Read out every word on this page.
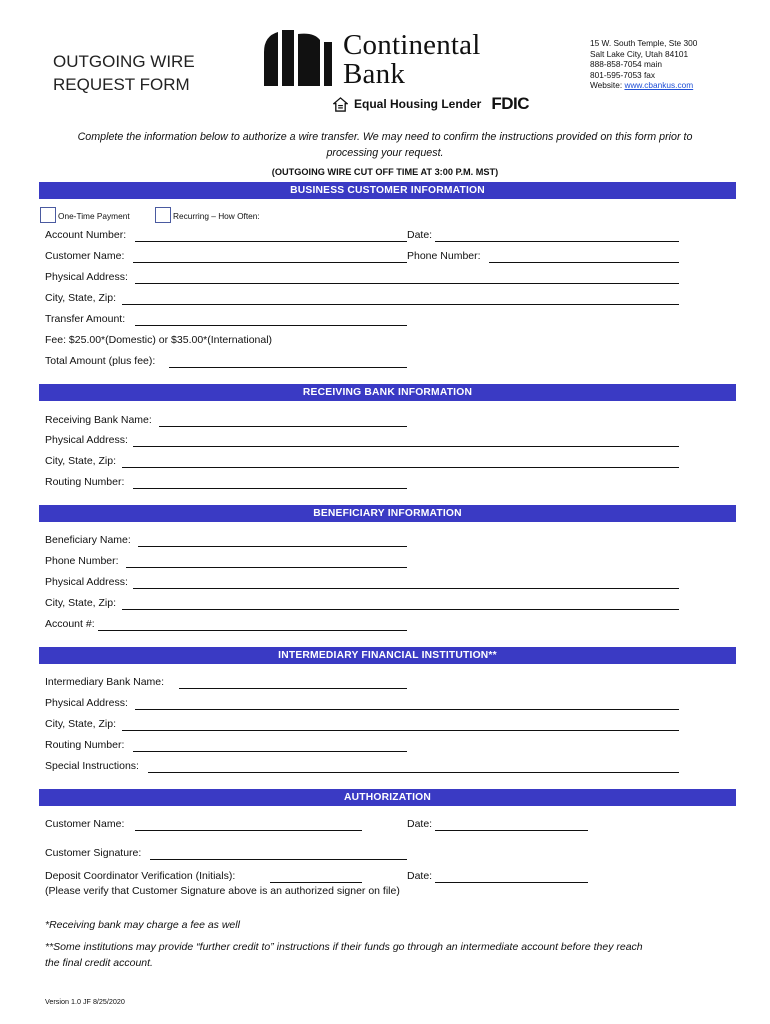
OUTGOING WIRE
REQUEST FORM
Continental
Bank
Equal Housing Lender FDIC
15 W. South Temple, Ste 300
Salt Lake City, Utah 84101
888-858-7054 main
801-595-7053 fax
Website: www.cbankus.com
Complete the information below to authorize a wire transfer. We may need to confirm the instructions provided on this form prior to
processing your request.
(OUTGOING WIRE CUT OFF TIME AT 3:00 P.M. MST)
BUSINESS CUSTOMER INFORMATION
One-Time Payment	Recurring – How Often:
Account Number:	Date:
Customer Name:	Phone Number:
Physical Address:
City, State, Zip:
Transfer Amount:
Fee: $25.00*(Domestic) or $35.00*(International)
Total Amount (plus fee):
RECEIVING BANK INFORMATION
Receiving Bank Name:
Physical Address:
City, State, Zip:
Routing Number:
BENEFICIARY INFORMATION
Beneficiary Name:
Phone Number:
Physical Address:
City, State, Zip:
Account #:
INTERMEDIARY FINANCIAL INSTITUTION**
Intermediary Bank Name:
Physical Address:
City, State, Zip:
Routing Number:
Special Instructions:
AUTHORIZATION
Customer Name:	Date:
Customer Signature:
Deposit Coordinator Verification (Initials):	Date:
(Please verify that Customer Signature above is an authorized signer on file)
*Receiving bank may charge a fee as well
**Some institutions may provide “further credit to” instructions if their funds go through an intermediate account before they reach
the final credit account.
Version 1.0 JF 8/25/2020
